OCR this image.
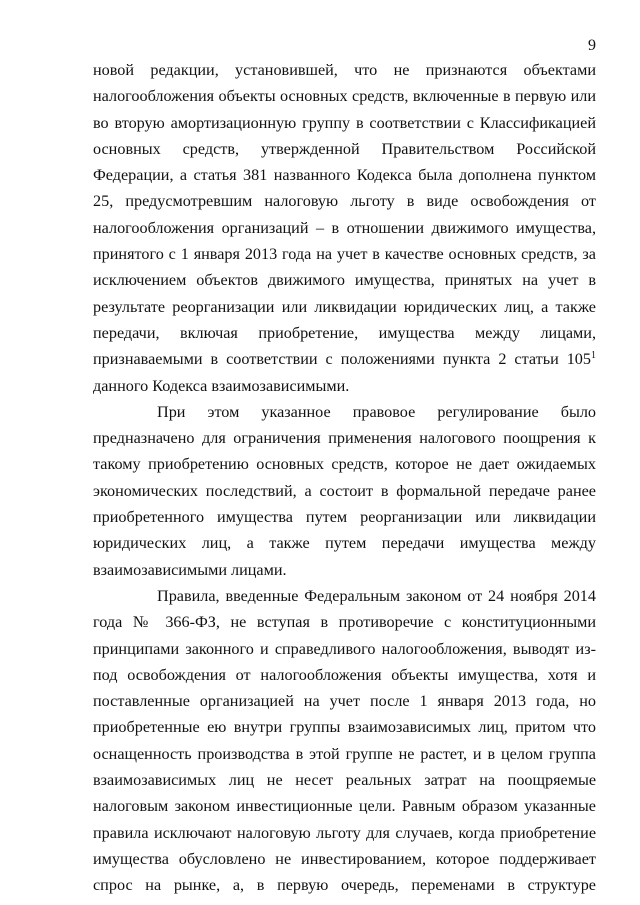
9

новой редакции, установившей, что не признаются объектами налогообложения объекты основных средств, включенные в первую или во вторую амортизационную группу в соответствии с Классификацией основных средств, утвержденной Правительством Российской Федерации, а статья 381 названного Кодекса была дополнена пунктом 25, предусмотревшим налоговую льготу в виде освобождения от налогообложения организаций – в отношении движимого имущества, принятого с 1 января 2013 года на учет в качестве основных средств, за исключением объектов движимого имущества, принятых на учет в результате реорганизации или ликвидации юридических лиц, а также передачи, включая приобретение, имущества между лицами, признаваемыми в соответствии с положениями пункта 2 статьи $105^1$ данного Кодекса взаимозависимыми.

При этом указанное правовое регулирование было предназначено для ограничения применения налогового поощрения к такому приобретению основных средств, которое не дает ожидаемых экономических последствий, а состоит в формальной передаче ранее приобретенного имущества путем реорганизации или ликвидации юридических лиц, а также путем передачи имущества между взаимозависимыми лицами.

Правила, введенные Федеральным законом от 24 ноября 2014 года № 366-ФЗ, не вступая в противоречие с конституционными принципами законного и справедливого налогообложения, выводят из-под освобождения от налогообложения объекты имущества, хотя и поставленные организацией на учет после 1 января 2013 года, но приобретенные ею внутри группы взаимозависимых лиц, притом что оснащенность производства в этой группе не растет, и в целом группа взаимозависимых лиц не несет реальных затрат на поощряемые налоговым законом инвестиционные цели. Равным образом указанные правила исключают налоговую льготу для случаев, когда приобретение имущества обусловлено не инвестированием, которое поддерживает спрос на рынке, а, в первую очередь, переменами в структуре
